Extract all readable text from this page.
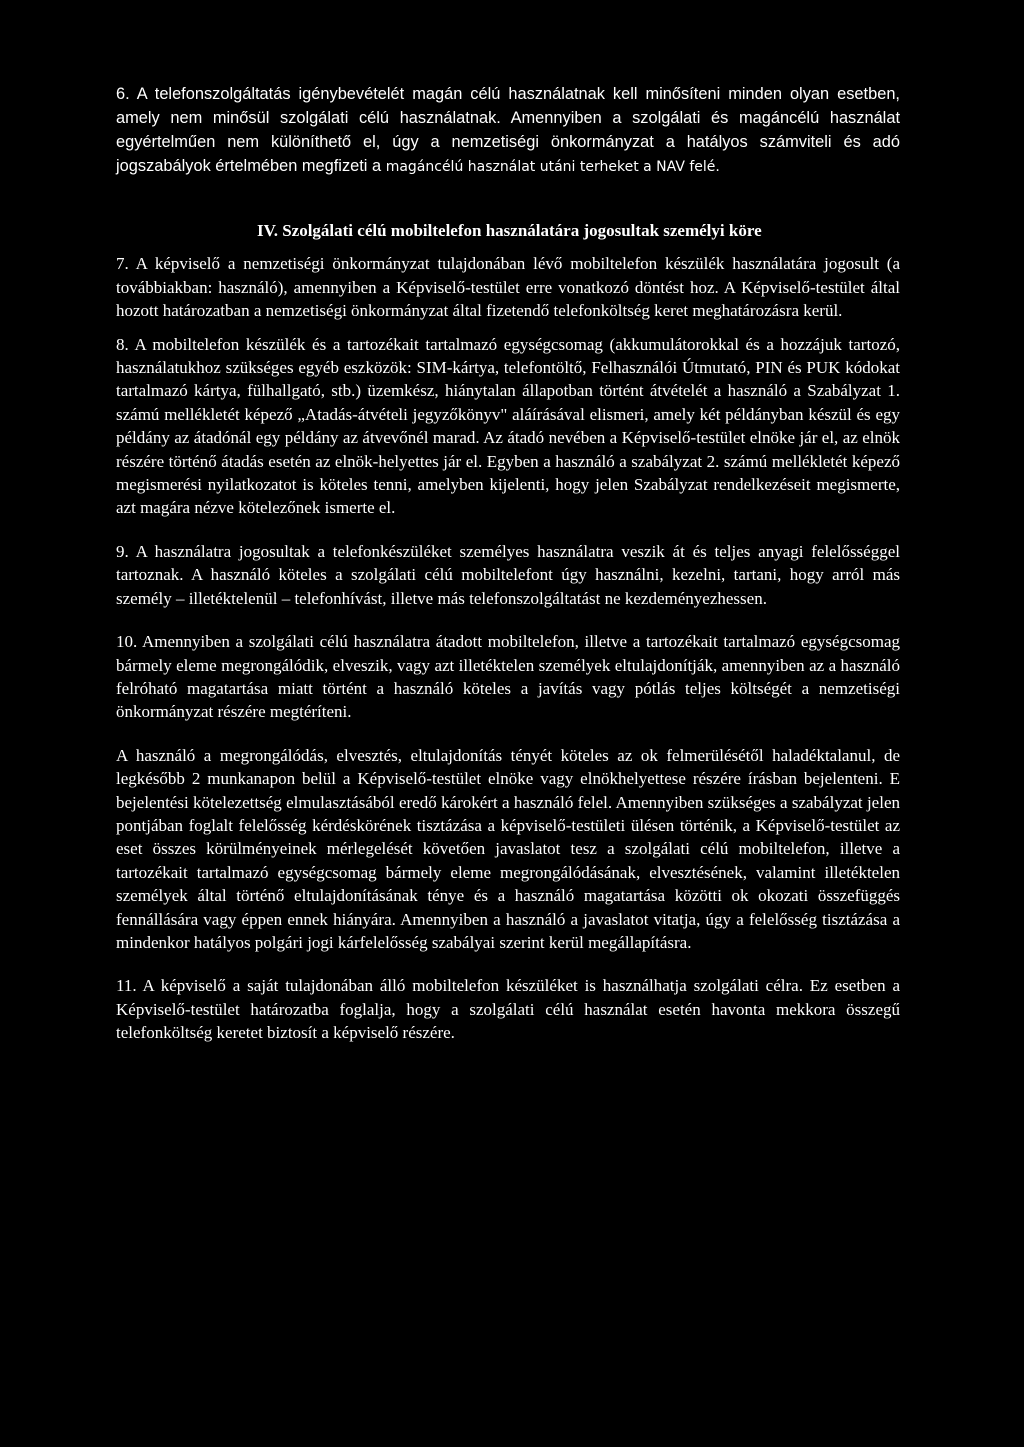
6. A telefonszolgáltatás igénybevételét magán célú használatnak kell minősíteni minden olyan esetben, amely nem minősül szolgálati célú használatnak. Amennyiben a szolgálati és magáncélú használat egyértelműen nem különíthető el, úgy a nemzetiségi önkormányzat a hatályos számviteli és adó jogszabályok értelmében megfizeti a magáncélú használat utáni terheket a NAV felé.

IV. Szolgálati célú mobiltelefon használatára jogosultak személyi köre

7. A képviselő a nemzetiségi önkormányzat tulajdonában lévő mobiltelefon készülék használatára jogosult (a továbbiakban: használó), amennyiben a Képviselő-testület erre vonatkozó döntést hoz. A Képviselő-testület által hozott határozatban a nemzetiségi önkormányzat által fizetendő telefonköltség keret meghatározásra kerül.

8. A mobiltelefon készülék és a tartozékait tartalmazó egységcsomag (akkumulátorokkal és a hozzájuk tartozó, használatukhoz szükséges egyéb eszközök: SIM-kártya, telefontöltő, Felhasználói Útmutató, PIN és PUK kódokat tartalmazó kártya, fülhallgató, stb.) üzemkész, hiánytalan állapotban történt átvételét a használó a Szabályzat 1. számú mellékletét képező „Atadás-átvételi jegyzőkönyv" aláírásával elismeri, amely két példányban készül és egy példány az átadónál egy példány az átvevőnél marad. Az átadó nevében a Képviselő-testület elnöke jár el, az elnök részére történő átadás esetén az elnök-helyettes jár el. Egyben a használó a szabályzat 2. számú mellékletét képező megismerési nyilatkozatot is köteles tenni, amelyben kijelenti, hogy jelen Szabályzat rendelkezéseit megismerte, azt magára nézve kötelezőnek ismerte el.

9. A használatra jogosultak a telefonkészüléket személyes használatra veszik át és teljes anyagi felelősséggel tartoznak. A használó köteles a szolgálati célú mobiltelefont úgy használni, kezelni, tartani, hogy arról más személy – illetéktelenül – telefonhívást, illetve más telefonszolgáltatást ne kezdeményezhessen.

10. Amennyiben a szolgálati célú használatra átadott mobiltelefon, illetve a tartozékait tartalmazó egységcsomag bármely eleme megrongálódik, elveszik, vagy azt illetéktelen személyek eltulajdonítják, amennyiben az a használó felróható magatartása miatt történt a használó köteles a javítás vagy pótlás teljes költségét a nemzetiségi önkormányzat részére megtéríteni.

A használó a megrongálódás, elvesztés, eltulajdonítás tényét köteles az ok felmerülésétől haladéktalanul, de legkésőbb 2 munkanapon belül a Képviselő-testület elnöke vagy elnökhelyettese részére írásban bejelenteni. E bejelentési kötelezettség elmulasztásából eredő károkért a használó felel. Amennyiben szükséges a szabályzat jelen pontjában foglalt felelősség kérdéskörének tisztázása a képviselő-testületi ülésen történik, a Képviselő-testület az eset összes körülményeinek mérlegelését követően javaslatot tesz a szolgálati célú mobiltelefon, illetve a tartozékait tartalmazó egységcsomag bármely eleme megrongálódásának, elvesztésének, valamint illetéktelen személyek által történő eltulajdonításának ténye és a használó magatartása közötti ok okozati összefüggés fennállására vagy éppen ennek hiányára. Amennyiben a használó a javaslatot vitatja, úgy a felelősség tisztázása a mindenkor hatályos polgári jogi kárfelelősség szabályai szerint kerül megállapításra.

11. A képviselő a saját tulajdonában álló mobiltelefon készüléket is használhatja szolgálati célra. Ez esetben a Képviselő-testület határozatba foglalja, hogy a szolgálati célú használat esetén havonta mekkora összegű telefonköltség keretet biztosít a képviselő részére.
